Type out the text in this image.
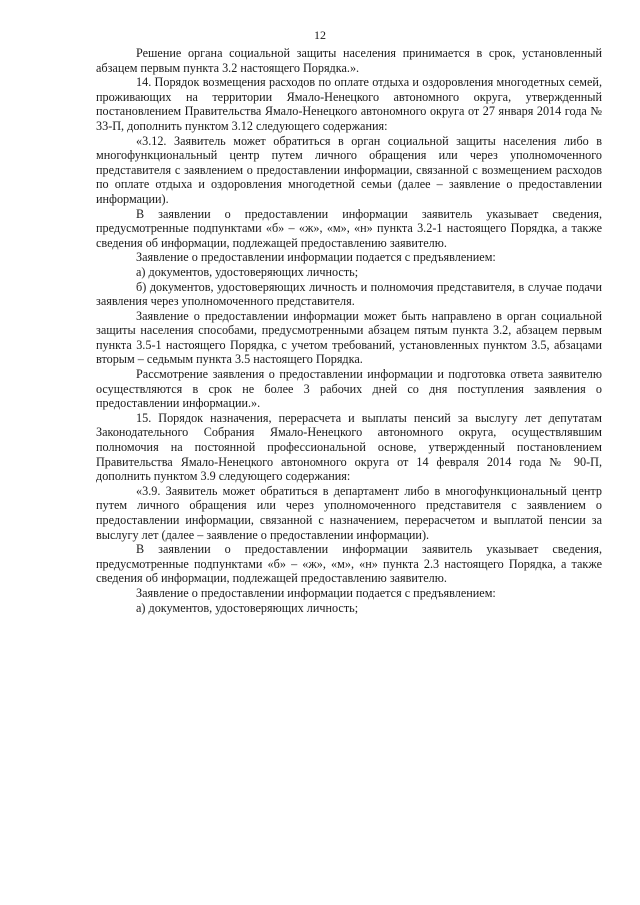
12

Решение органа социальной защиты населения принимается в срок, установленный абзацем первым пункта 3.2 настоящего Порядка.».

14. Порядок возмещения расходов по оплате отдыха и оздоровления многодетных семей, проживающих на территории Ямало-Ненецкого автономного округа, утвержденный постановлением Правительства Ямало-Ненецкого автономного округа от 27 января 2014 года № 33-П, дополнить пунктом 3.12 следующего содержания:

«3.12. Заявитель может обратиться в орган социальной защиты населения либо в многофункциональный центр путем личного обращения или через уполномоченного представителя с заявлением о предоставлении информации, связанной с возмещением расходов по оплате отдыха и оздоровления многодетной семьи (далее – заявление о предоставлении информации).

В заявлении о предоставлении информации заявитель указывает сведения, предусмотренные подпунктами «б» – «ж», «м», «н» пункта 3.2-1 настоящего Порядка, а также сведения об информации, подлежащей предоставлению заявителю.

Заявление о предоставлении информации подается с предъявлением:

а) документов, удостоверяющих личность;

б) документов, удостоверяющих личность и полномочия представителя, в случае подачи заявления через уполномоченного представителя.

Заявление о предоставлении информации может быть направлено в орган социальной защиты населения способами, предусмотренными абзацем пятым пункта 3.2, абзацем первым пункта 3.5-1 настоящего Порядка, с учетом требований, установленных пунктом 3.5, абзацами вторым – седьмым пункта 3.5 настоящего Порядка.

Рассмотрение заявления о предоставлении информации и подготовка ответа заявителю осуществляются в срок не более 3 рабочих дней со дня поступления заявления о предоставлении информации.».

15. Порядок назначения, перерасчета и выплаты пенсий за выслугу лет депутатам Законодательного Собрания Ямало-Ненецкого автономного округа, осуществлявшим полномочия на постоянной профессиональной основе, утвержденный постановлением Правительства Ямало-Ненецкого автономного округа от 14 февраля 2014 года № 90-П, дополнить пунктом 3.9 следующего содержания:

«3.9. Заявитель может обратиться в департамент либо в многофункциональный центр путем личного обращения или через уполномоченного представителя с заявлением о предоставлении информации, связанной с назначением, перерасчетом и выплатой пенсии за выслугу лет (далее – заявление о предоставлении информации).

В заявлении о предоставлении информации заявитель указывает сведения, предусмотренные подпунктами «б» – «ж», «м», «н» пункта 2.3 настоящего Порядка, а также сведения об информации, подлежащей предоставлению заявителю.

Заявление о предоставлении информации подается с предъявлением:

а) документов, удостоверяющих личность;
